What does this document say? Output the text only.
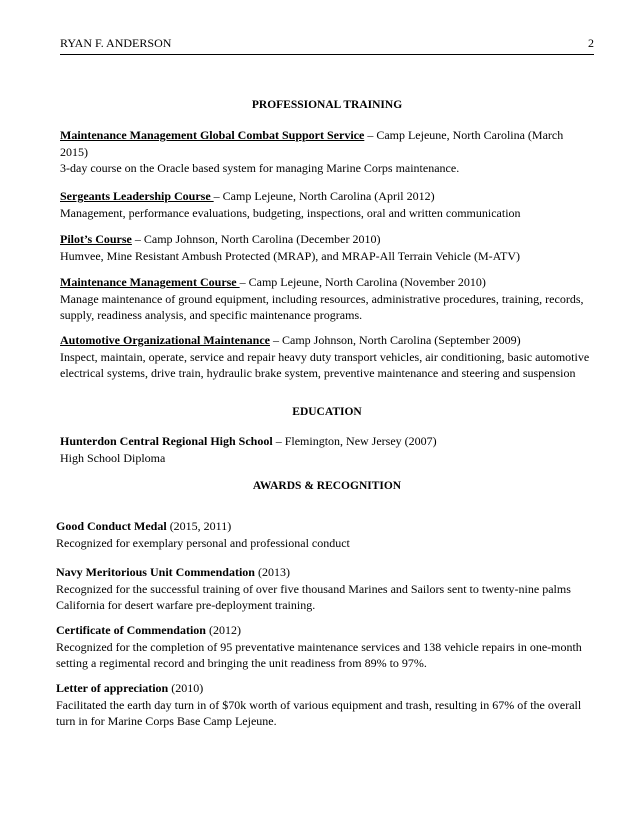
RYAN F. ANDERSON	2
PROFESSIONAL TRAINING
Maintenance Management Global Combat Support Service – Camp Lejeune, North Carolina (March 2015)
3-day course on the Oracle based system for managing Marine Corps maintenance.
Sergeants Leadership Course – Camp Lejeune, North Carolina (April 2012)
Management, performance evaluations, budgeting, inspections, oral and written communication
Pilot’s Course – Camp Johnson, North Carolina (December 2010)
Humvee, Mine Resistant Ambush Protected (MRAP), and MRAP-All Terrain Vehicle (M-ATV)
Maintenance Management Course – Camp Lejeune, North Carolina (November 2010)
Manage maintenance of ground equipment, including resources, administrative procedures, training, records, supply, readiness analysis, and specific maintenance programs.
Automotive Organizational Maintenance – Camp Johnson, North Carolina (September 2009)
Inspect, maintain, operate, service and repair heavy duty transport vehicles, air conditioning, basic automotive electrical systems, drive train, hydraulic brake system, preventive maintenance and steering and suspension
EDUCATION
Hunterdon Central Regional High School – Flemington, New Jersey (2007)
High School Diploma
AWARDS & RECOGNITION
Good Conduct Medal (2015, 2011)
Recognized for exemplary personal and professional conduct
Navy Meritorious Unit Commendation (2013)
Recognized for the successful training of over five thousand Marines and Sailors sent to twenty-nine palms California for desert warfare pre-deployment training.
Certificate of Commendation (2012)
Recognized for the completion of 95 preventative maintenance services and 138 vehicle repairs in one-month setting a regimental record and bringing the unit readiness from 89% to 97%.
Letter of appreciation (2010)
Facilitated the earth day turn in of $70k worth of various equipment and trash, resulting in 67% of the overall turn in for Marine Corps Base Camp Lejeune.
